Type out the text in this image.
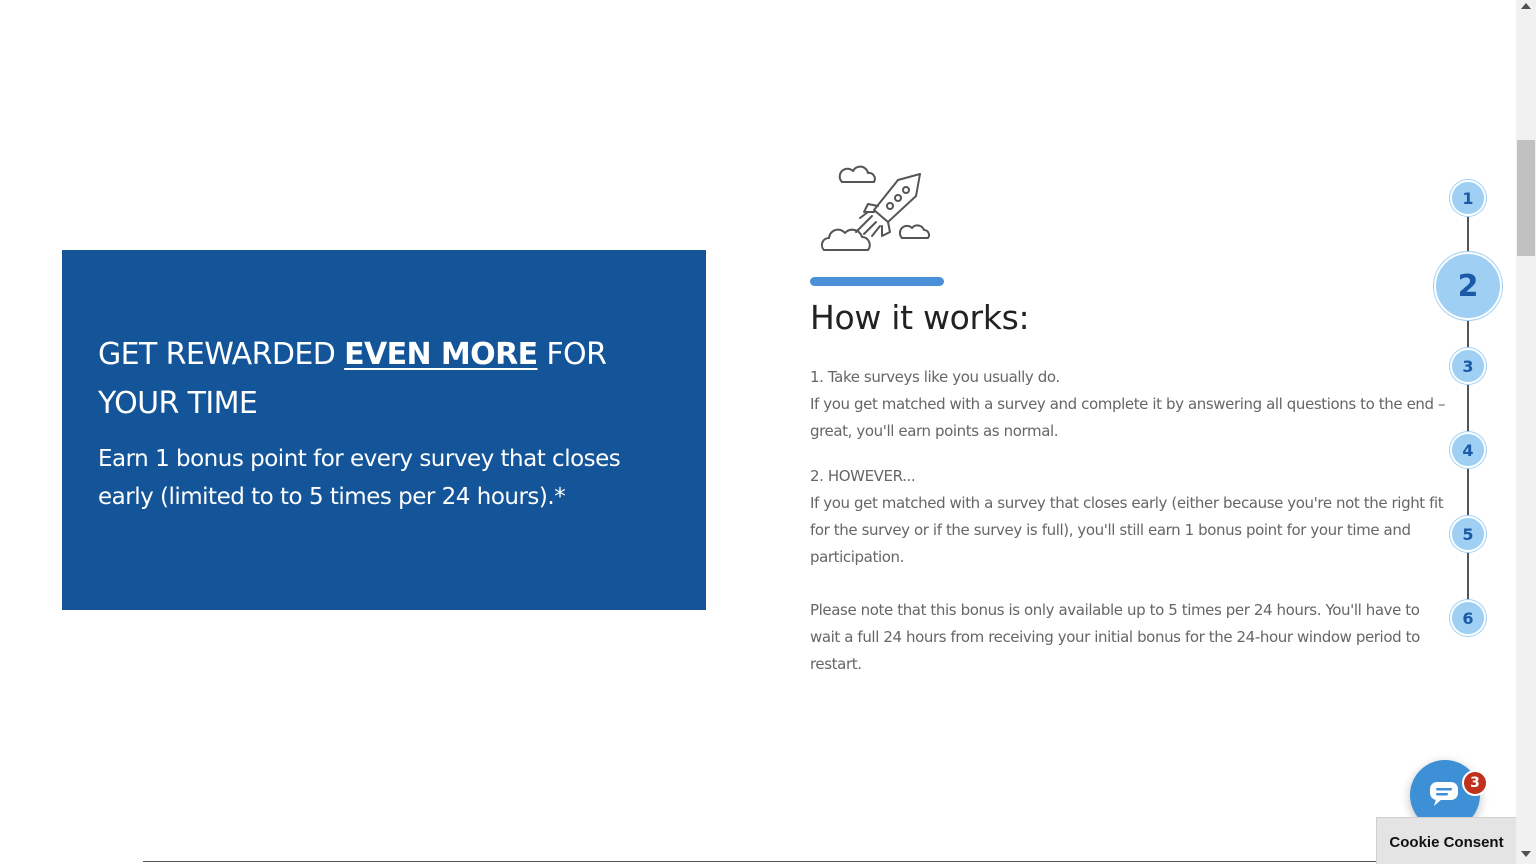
GET REWARDED EVEN MORE FOR YOUR TIME

Earn 1 bonus point for every survey that closes early (limited to to 5 times per 24 hours).*

How it works:

1. Take surveys like you usually do.

If you get matched with a survey and complete it by answering all questions to the end – great, you'll earn points as normal.

2. HOWEVER...

If you get matched with a survey that closes early (either because you're not the right fit for the survey or if the survey is full), you'll still earn 1 bonus point for your time and participation.

Please note that this bonus is only available up to 5 times per 24 hours. You'll have to wait a full 24 hours from receiving your initial bonus for the 24-hour window period to restart.

1
2
3
4
5
6
3
Cookie Consent
